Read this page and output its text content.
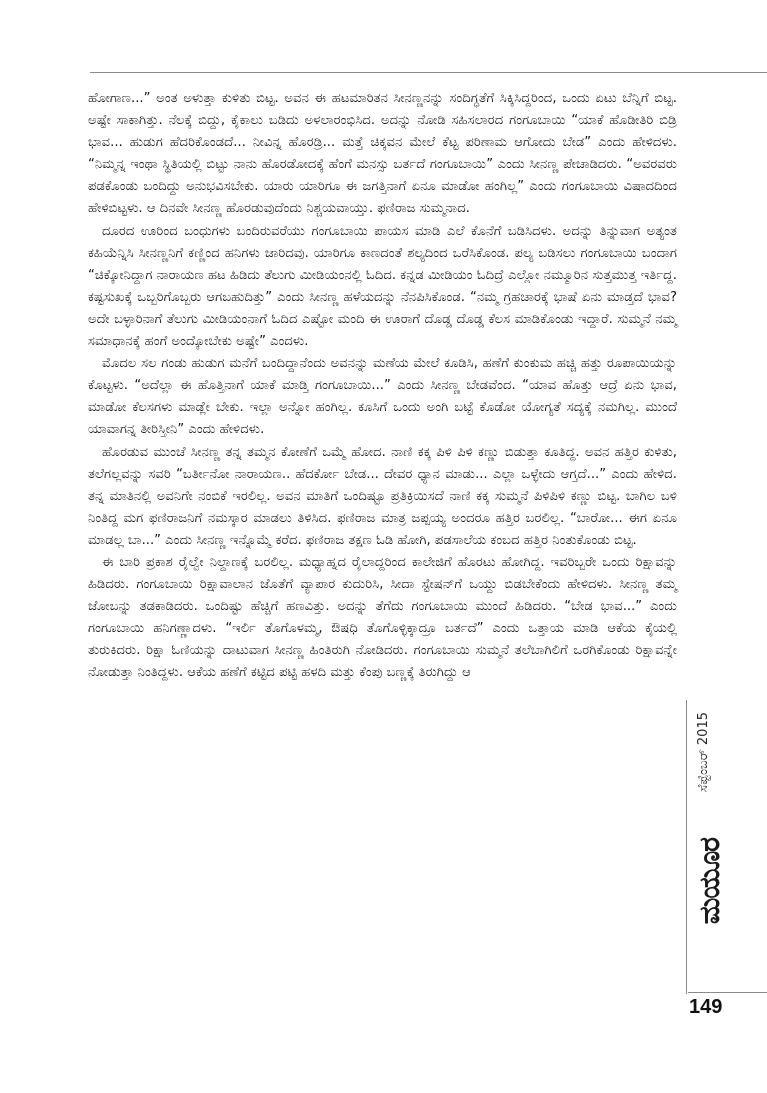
ಹೋಗಾಣ...” ಅಂತ ಅಳುತ್ತಾ ಕುಳಿತು ಬಿಟ್ಟ. ಅವನ ಈ ಹಟಮಾರಿತನ ಸೀನಣ್ಣನನ್ನು ಸಂದಿಗ್ಧತೆಗೆ ಸಿಕ್ಕಿಸಿದ್ದರಿಂದ, ಒಂದು ಏಟು ಬೆನ್ನಿಗೆ ಬಿಟ್ಟ. ಅಷ್ಟೇ ಸಾಕಾಗಿತ್ತು. ನೆಲಕ್ಕೆ ಬಿದ್ದು, ಕೈಕಾಲು ಬಡಿದು ಅಳಲಾರಂಭಿಸಿದ. ಅದನ್ನು ನೋಡಿ ಸಹಿಸಲಾರದ ಗಂಗೂಬಾಯಿ “ಯಾಕೆ ಹೊಡೀತಿರಿ ಬಿಡ್ರಿ ಭಾವ... ಹುಡುಗ ಹೆದರಿಕೊಂಡದೆ... ನೀವಿನ್ನ ಹೊರಡ್ರಿ... ಮತ್ತೆ ಚಿಕ್ಕವನ ಮೇಲೆ ಕೆಟ್ಟ ಪರಿಣಾಮ ಆಗೋದು ಬೇಡ” ಎಂದು ಹೇಳಿದಳು. “ನಿಮ್ಮನ್ನ ಇಂಥಾ ಸ್ಥಿತಿಯಲ್ಲಿ ಬಿಟ್ಟು ನಾನು ಹೊರಡೋದಕ್ಕೆ ಹೆಂಗೆ ಮನಸ್ಸು ಬರ್ತದೆ ಗಂಗೂಬಾಯಿ” ಎಂದು ಸೀನಣ್ಣ ಪೇಚಾಡಿದರು. “ಅವರವರು ಪಡಕೊಂಡು ಬಂದಿದ್ದು ಅನುಭವಿಸಬೇಕು. ಯಾರು ಯಾರಿಗೂ ಈ ಜಗತ್ತಿನಾಗೆ ಏನೂ ಮಾಡೋ ಹಂಗಿಲ್ಲ” ಎಂದು ಗಂಗೂಬಾಯಿ ವಿಷಾದದಿಂದ ಹೇಳಿಬಿಟ್ಟಳು. ಆ ದಿನವೇ ಸೀನಣ್ಣ ಹೊರಡುವುದೆಂದು ನಿಶ್ಚಯವಾಯ್ತು. ಫಣಿರಾಜ ಸುಮ್ಮನಾದ.

ದೂರದ ಊರಿಂದ ಬಂಧುಗಳು ಬಂದಿರುವರೆಯು ಗಂಗೂಬಾಯಿ ಪಾಯಸ ಮಾಡಿ ಎಲೆ ಕೊನೆಗೆ ಬಡಿಸಿದಳು. ಅದನ್ನು ತಿನ್ನುವಾಗ ಅತ್ಯಂತ ಕಹಿಯೆನ್ನಿಸಿ ಸೀನಣ್ಣನಿಗೆ ಕಣ್ಣಿಂದ ಹನಿಗಳು ಜಾರಿದವು. ಯಾರಿಗೂ ಕಾಣದಂತೆ ಶಲ್ಯದಿಂದ ಒರೆಸಿಕೊಂಡ. ಪಲ್ಯ ಬಡಿಸಲು ಗಂಗೂಬಾಯಿ ಬಂದಾಗ “ಚಿಕ್ಕೋನಿದ್ದಾಗ ನಾರಾಯಣ ಹಟ ಹಿಡಿದು ತೆಲುಗು ಮೀಡಿಯಂನಲ್ಲಿ ಓದಿದ. ಕನ್ನಡ ಮೀಡಿಯಂ ಓದಿದ್ರೆ ಎಲ್ಲೋ ನಮ್ಮೂರಿನ ಸುತ್ತಮುತ್ತ ಇರ್ತಿದ್ದ. ಕಷ್ಟಸುಖಕ್ಕೆ ಒಬ್ಬರಿಗೊಬ್ಬರು ಆಗಬಹುದಿತ್ತು” ಎಂದು ಸೀನಣ್ಣ ಹಳೆಯದನ್ನು ನೆನಪಿಸಿಕೊಂಡ. “ನಮ್ಮ ಗ್ರಹಚಾರಕ್ಕೆ ಭಾಷೆ ಏನು ಮಾಡ್ತದೆ ಭಾವ? ಅದೇ ಬಳ್ಳಾರಿನಾಗೆ ತೆಲುಗು ಮೀಡಿಯಂನಾಗೆ ಓದಿದ ಎಷ್ಟೋ ಮಂದಿ ಈ ಊರಾಗೆ ದೊಡ್ಡ ದೊಡ್ಡ ಕೆಲಸ ಮಾಡಿಕೊಂಡು ಇದ್ದಾರೆ. ಸುಮ್ಮನೆ ನಮ್ಮ ಸಮಾಧಾನಕ್ಕೆ ಹಂಗೆ ಅಂದ್ಕೋಬೇಕು ಅಷ್ಟೇ” ಎಂದಳು.

ಮೊದಲ ಸಲ ಗಂಡು ಹುಡುಗ ಮನೆಗೆ ಬಂದಿದ್ದಾನೆಂದು ಅವನನ್ನು ಮಣೆಯ ಮೇಲೆ ಕೂಡಿಸಿ, ಹಣೆಗೆ ಕುಂಕುಮ ಹಚ್ಚಿ ಹತ್ತು ರೂಪಾಯಿಯನ್ನು ಕೊಟ್ಟಳು. “ಅದೆಲ್ಲಾ ಈ ಹೊತ್ತಿನಾಗೆ ಯಾಕೆ ಮಾಡ್ತಿ ಗಂಗೂಬಾಯಿ...” ಎಂದು ಸೀನಣ್ಣ ಬೇಡವೆಂದ. “ಯಾವ ಹೊತ್ತು ಆದ್ರೆ ಏನು ಭಾವ, ಮಾಡೋ ಕೆಲಸಗಳು ಮಾಡ್ಲೇ ಬೇಕು. ಇಲ್ಲಾ ಅನ್ನೋ ಹಂಗಿಲ್ಲ. ಕೂಸಿಗೆ ಒಂದು ಅಂಗಿ ಬಟ್ಟೆ ಕೊಡೋ ಯೋಗ್ಯತೆ ಸದ್ಯಕ್ಕೆ ನಮಗಿಲ್ಲ. ಮುಂದೆ ಯಾವಾಗನ್ನ ತೀರಿಸ್ತೀನಿ” ಎಂದು ಹೇಳಿದಳು.

ಹೊರಡುವ ಮುಂಚೆ ಸೀನಣ್ಣ ತನ್ನ ತಮ್ಮನ ಕೋಣೆಗೆ ಒಮ್ಮೆ ಹೋದ. ನಾಣಿ ಕಕ್ಕ ಪಿಳಿ ಪಿಳಿ ಕಣ್ಣು ಬಿಡುತ್ತಾ ಕೂತಿದ್ದ. ಅವನ ಹತ್ತಿರ ಕುಳಿತು, ತಲೆಗಲ್ಲವನ್ನು ಸವರಿ “ಬರ್ತೀನೋ ನಾರಾಯಣ.. ಹೆದರ್ಕೋ ಬೇಡ... ದೇವರ ಧ್ಯಾನ ಮಾಡು... ಎಲ್ಲಾ ಒಳ್ಳೇದು ಆಗ್ತದೆ...” ಎಂದು ಹೇಳಿದ. ತನ್ನ ಮಾತಿನಲ್ಲಿ ಅವನಿಗೇ ನಂಬಿಕೆ ಇರಲಿಲ್ಲ. ಅವನ ಮಾತಿಗೆ ಒಂದಿಷ್ಟೂ ಪ್ರತಿಕ್ರಿಯಿಸದೆ ನಾಣಿ ಕಕ್ಕ ಸುಮ್ಮನೆ ಪಿಳಿಪಿಳಿ ಕಣ್ಣು ಬಿಟ್ಟ. ಬಾಗಿಲ ಬಳಿ ನಿಂತಿದ್ದ ಮಗ ಫಣಿರಾಜನಿಗೆ ನಮಸ್ಕಾರ ಮಾಡಲು ತಿಳಿಸಿದ. ಫಣಿರಾಜ ಮಾತ್ರ ಜಪ್ಪಯ್ಯ ಅಂದರೂ ಹತ್ತಿರ ಬರಲಿಲ್ಲ. “ಬಾರೋ... ಈಗ ಏನೂ ಮಾಡಲ್ಲ ಬಾ...” ಎಂದು ಸೀನಣ್ಣ ಇನ್ನೊಮ್ಮೆ ಕರೆದ. ಫಣಿರಾಜ ತಕ್ಷಣ ಓಡಿ ಹೋಗಿ, ಪಡಸಾಲೆಯ ಕಂಬದ ಹತ್ತಿರ ನಿಂತುಕೊಂಡು ಬಿಟ್ಟ.

ಈ ಬಾರಿ ಪ್ರಕಾಶ ರೈಲ್ವೇ ನಿಲ್ದಾಣಕ್ಕೆ ಬರಲಿಲ್ಲ. ಮಧ್ಯಾಹ್ನದ ರೈಲಾದ್ದರಿಂದ ಕಾಲೇಜಿಗೆ ಹೊರಟು ಹೋಗಿದ್ದ. ಇವರಿಬ್ಬರೇ ಒಂದು ರಿಕ್ಷಾವನ್ನು ಹಿಡಿದರು. ಗಂಗೂಬಾಯಿ ರಿಕ್ಷಾವಾಲಾನ ಜೊತೆಗೆ ವ್ಯಾಪಾರ ಕುದುರಿಸಿ, ಸೀದಾ ಸ್ಟೇಷನ್‌ಗೆ ಒಯ್ದು ಬಿಡಬೇಕೆಂದು ಹೇಳಿದಳು. ಸೀನಣ್ಣ ತಮ್ಮ ಜೋಬನ್ನು ತಡಕಾಡಿದರು. ಒಂದಿಷ್ಟು ಹೆಚ್ಚಿಗೆ ಹಣವಿತ್ತು. ಅದನ್ನು ತೆಗೆದು ಗಂಗೂಬಾಯಿ ಮುಂದೆ ಹಿಡಿದರು. “ಬೇಡ ಭಾವ...” ಎಂದು ಗಂಗೂಬಾಯಿ ಹನಿಗಣ್ಣಾದಳು. “ಇರ್ಲಿ ತೊಗೊಳಮ್ಮ, ಔಷಧಿ ತೊಗೊಳ್ಳಿಕ್ಕಾದ್ರೂ ಬರ್ತದೆ” ಎಂದು ಒತ್ತಾಯ ಮಾಡಿ ಆಕೆಯ ಕೈಯಲ್ಲಿ ತುರುಕಿದರು. ರಿಕ್ಷಾ ಓಣಿಯನ್ನು ದಾಟುವಾಗ ಸೀನಣ್ಣ ಹಿಂತಿರುಗಿ ನೋಡಿದರು. ಗಂಗೂಬಾಯಿ ಸುಮ್ಮನೆ ತಲೆಬಾಗಿಲಿಗೆ ಒರಗಿಕೊಂಡು ರಿಕ್ಷಾವನ್ನೇ ನೋಡುತ್ತಾ ನಿಂತಿದ್ದಳು. ಆಕೆಯ ಹಣೆಗೆ ಕಟ್ಟಿದ ಪಟ್ಟಿ ಹಳದಿ ಮತ್ತು ಕೆಂಪು ಬಣ್ಣಕ್ಕೆ ತಿರುಗಿದ್ದು ಆ

ಸೆಪ್ಟೆಂಬರ್ 2015
ಮಯೂರ
149
